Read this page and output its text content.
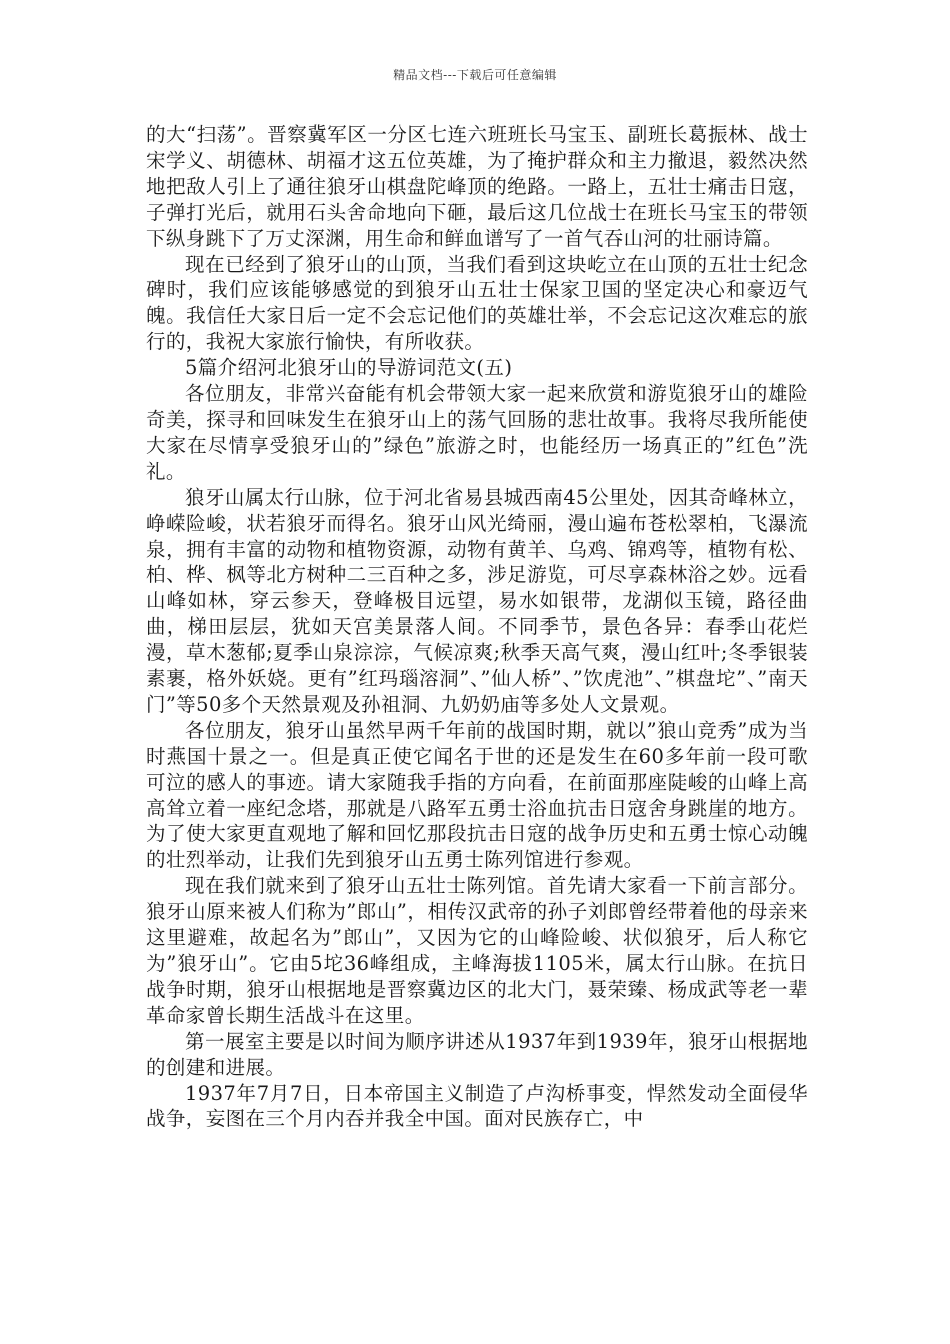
精品文档---下载后可任意编辑

的大“扫荡”。晋察冀军区一分区七连六班班长马宝玉、副班长葛振林、战士宋学义、胡德林、胡福才这五位英雄，为了掩护群众和主力撤退，毅然决然地把敌人引上了通往狼牙山棋盘陀峰顶的绝路。一路上，五壮士痛击日寇，子弹打光后，就用石头舍命地向下砸，最后这几位战士在班长马宝玉的带领下纵身跳下了万丈深渊，用生命和鲜血谱写了一首气吞山河的壮丽诗篇。

现在已经到了狼牙山的山顶，当我们看到这块屹立在山顶的五壮士纪念碑时，我们应该能够感觉的到狼牙山五壮士保家卫国的坚定决心和豪迈气魄。我信任大家日后一定不会忘记他们的英雄壮举，不会忘记这次难忘的旅行的，我祝大家旅行愉快，有所收获。

5篇介绍河北狼牙山的导游词范文(五)

各位朋友，非常兴奋能有机会带领大家一起来欣赏和游览狼牙山的雄险奇美，探寻和回味发生在狼牙山上的荡气回肠的悲壮故事。我将尽我所能使大家在尽情享受狼牙山的”绿色”旅游之时，也能经历一场真正的”红色”洗礼。

狼牙山属太行山脉，位于河北省易县城西南45公里处，因其奇峰林立，峥嵘险峻，状若狼牙而得名。狼牙山风光绮丽，漫山遍布苍松翠柏，飞瀑流泉，拥有丰富的动物和植物资源，动物有黄羊、乌鸡、锦鸡等，植物有松、柏、桦、枫等北方树种二三百种之多，涉足游览，可尽享森林浴之妙。远看山峰如林，穿云参天，登峰极目远望，易水如银带，龙湖似玉镜，路径曲曲，梯田层层，犹如天宫美景落人间。不同季节，景色各异：春季山花烂漫，草木葱郁;夏季山泉淙淙，气候凉爽;秋季天高气爽，漫山红叶;冬季银装素裹，格外妖娆。更有”红玛瑙溶洞”、”仙人桥”、”饮虎池”、”棋盘坨”、”南天门”等50多个天然景观及孙祖洞、九奶奶庙等多处人文景观。

各位朋友，狼牙山虽然早两千年前的战国时期，就以”狼山竞秀”成为当时燕国十景之一。但是真正使它闻名于世的还是发生在60多年前一段可歌可泣的感人的事迹。请大家随我手指的方向看，在前面那座陡峻的山峰上高高耸立着一座纪念塔，那就是八路军五勇士浴血抗击日寇舍身跳崖的地方。为了使大家更直观地了解和回忆那段抗击日寇的战争历史和五勇士惊心动魄的壮烈举动，让我们先到狼牙山五勇士陈列馆进行参观。

现在我们就来到了狼牙山五壮士陈列馆。首先请大家看一下前言部分。狼牙山原来被人们称为”郎山”，相传汉武帝的孙子刘郎曾经带着他的母亲来这里避难，故起名为”郎山”，又因为它的山峰险峻、状似狼牙，后人称它为”狼牙山”。它由5坨36峰组成，主峰海拔1105米，属太行山脉。在抗日战争时期，狼牙山根据地是晋察冀边区的北大门，聂荣臻、杨成武等老一辈革命家曾长期生活战斗在这里。

第一展室主要是以时间为顺序讲述从1937年到1939年，狼牙山根据地的创建和进展。

1937年7月7日，日本帝国主义制造了卢沟桥事变，悍然发动全面侵华战争，妄图在三个月内吞并我全中国。面对民族存亡，中
